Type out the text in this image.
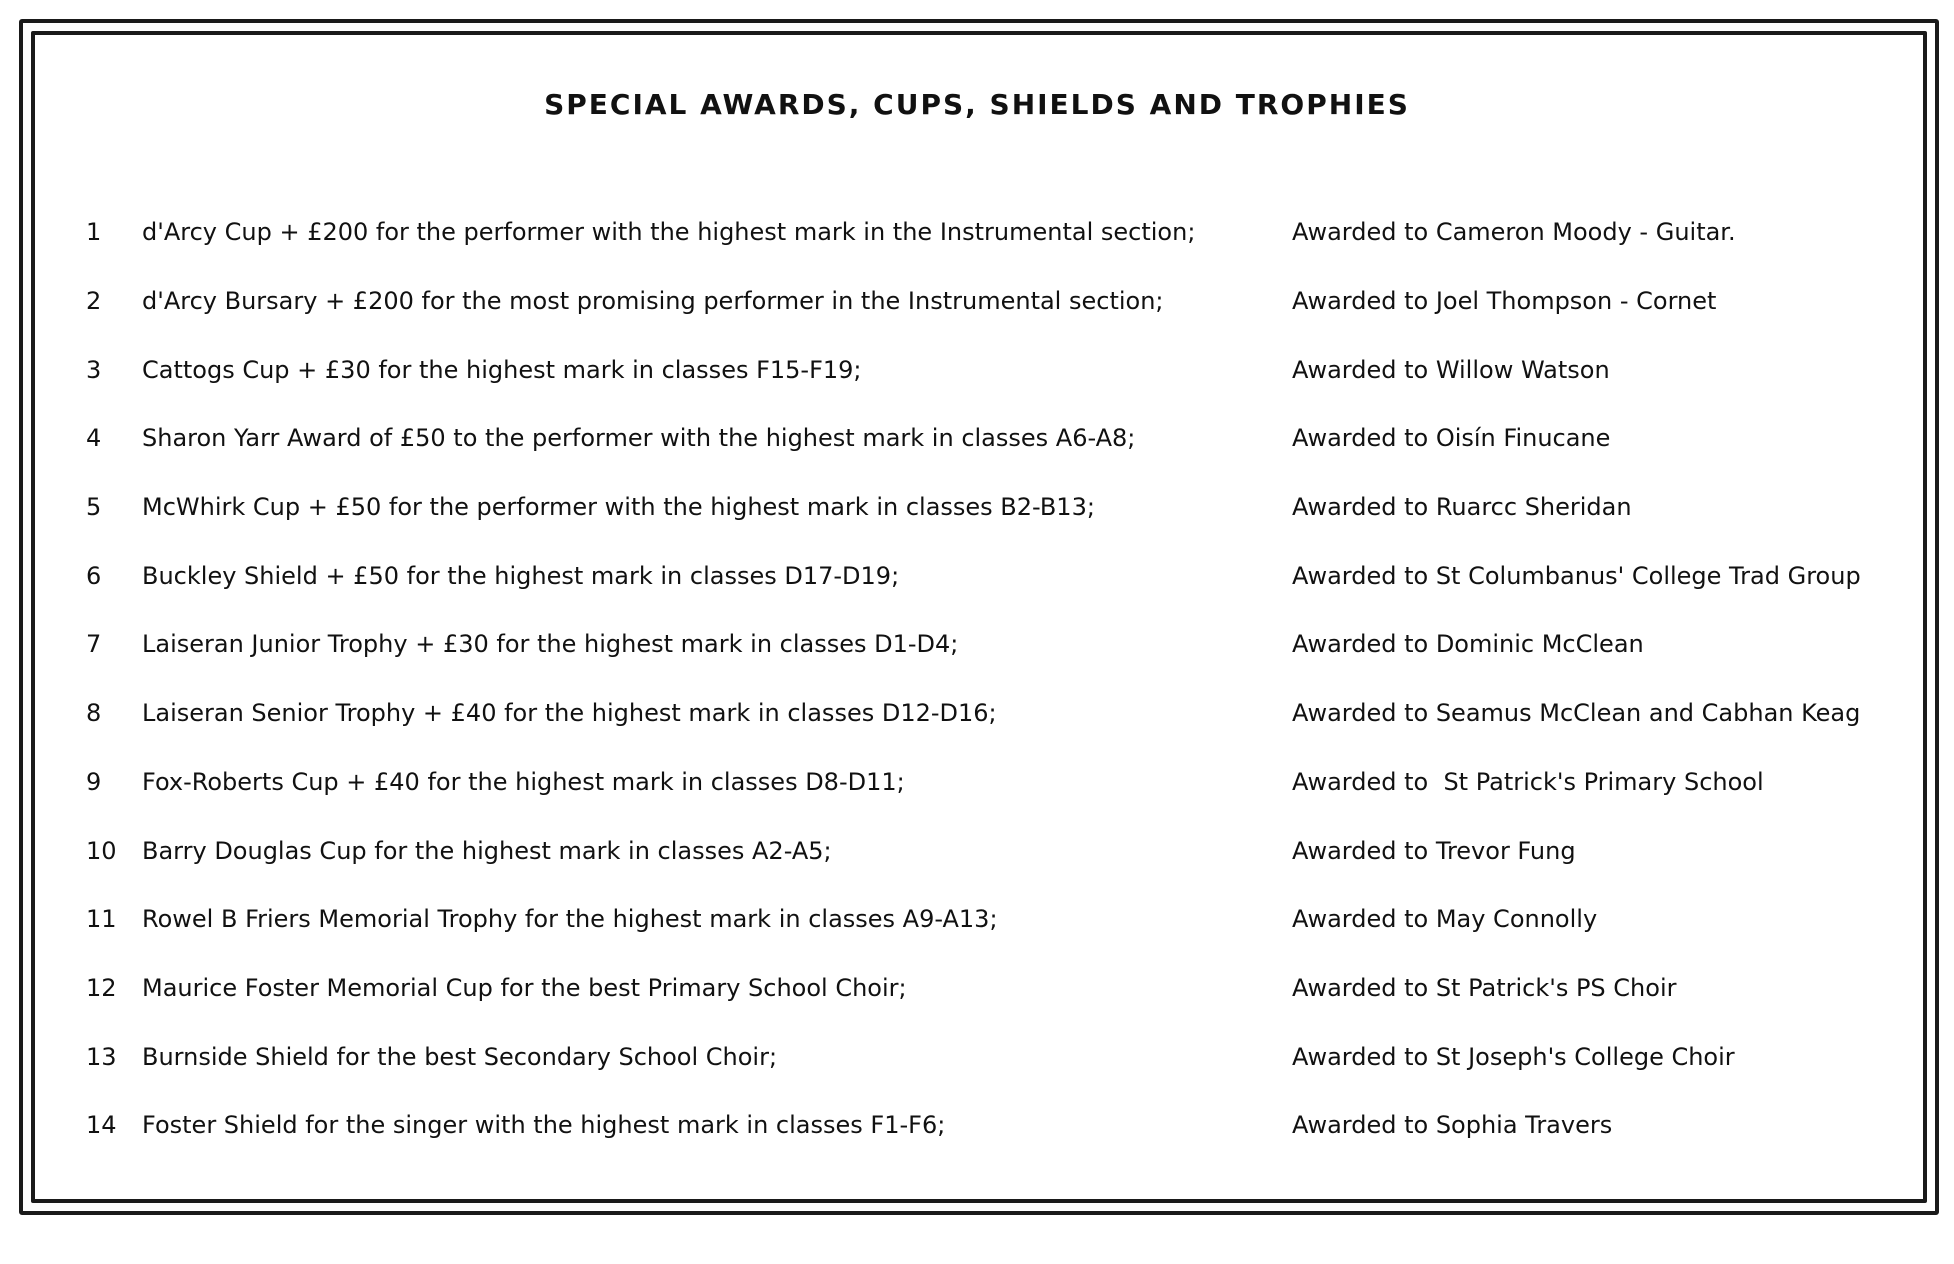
SPECIAL AWARDS, CUPS, SHIELDS AND TROPHIES
1	d'Arcy Cup + £200 for the performer with the highest mark in the Instrumental section;	Awarded to Cameron Moody - Guitar.
2	d'Arcy Bursary + £200 for the most promising performer in the Instrumental section;	Awarded to Joel Thompson - Cornet
3	Cattogs Cup + £30 for the highest mark in classes F15-F19;	Awarded to Willow Watson
4	Sharon Yarr Award of £50 to the performer with the highest mark in classes A6-A8;	Awarded to Oisín Finucane
5	McWhirk Cup + £50 for the performer with the highest mark in classes B2-B13;	Awarded to Ruarcc Sheridan
6	Buckley Shield + £50 for the highest mark in classes D17-D19;	Awarded to St Columbanus' College Trad Group
7	Laiseran Junior Trophy + £30 for the highest mark in classes D1-D4;	Awarded to Dominic McClean
8	Laiseran Senior Trophy + £40 for the highest mark in classes D12-D16;	Awarded to Seamus McClean and Cabhan Keag
9	Fox-Roberts Cup + £40 for the highest mark in classes D8-D11;	Awarded to  St Patrick's Primary School
10	Barry Douglas Cup for the highest mark in classes A2-A5;	Awarded to Trevor Fung
11	Rowel B Friers Memorial Trophy for the highest mark in classes A9-A13;	Awarded to May Connolly
12	Maurice Foster Memorial Cup for the best Primary School Choir;	Awarded to St Patrick's PS Choir
13	Burnside Shield for the best Secondary School Choir;	Awarded to St Joseph's College Choir
14	Foster Shield for the singer with the highest mark in classes F1-F6;	Awarded to Sophia Travers
